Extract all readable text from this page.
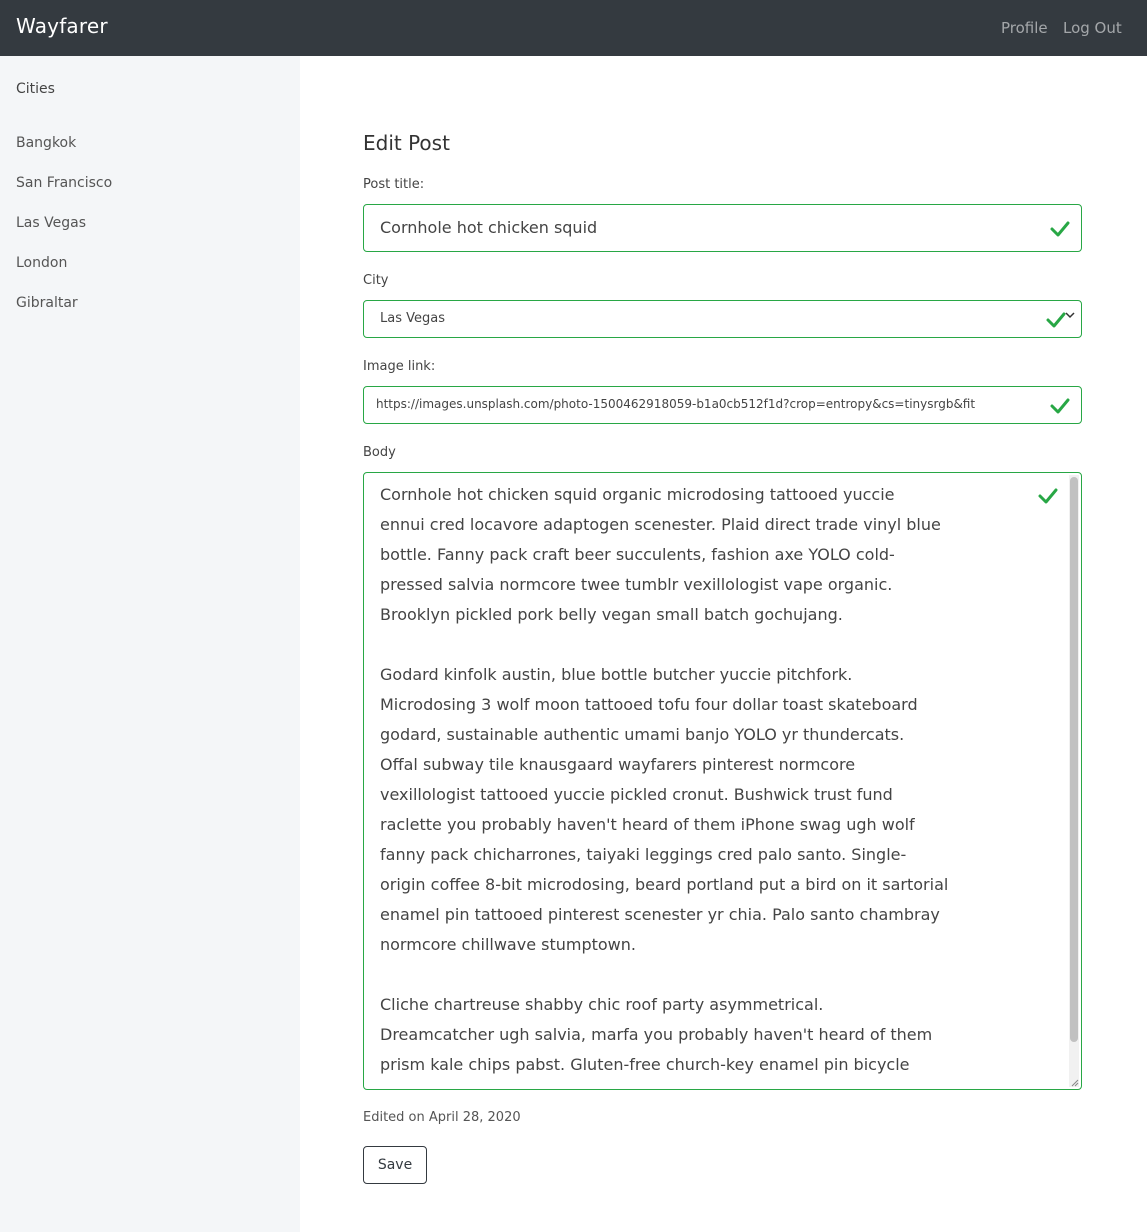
Wayfarer	Profile Log Out
Cities
Bangkok
San Francisco
Las Vegas
London
Gibraltar
Edit Post
Post title:
Cornhole hot chicken squid
City
Las Vegas
Image link:
https://images.unsplash.com/photo-1500462918059-b1a0cb512f1d?crop=entropy&cs=tinysrgb&fit
Body
Cornhole hot chicken squid organic microdosing tattooed yuccie
ennui cred locavore adaptogen scenester. Plaid direct trade vinyl blue
bottle. Fanny pack craft beer succulents, fashion axe YOLO cold-
pressed salvia normcore twee tumblr vexillologist vape organic.
Brooklyn pickled pork belly vegan small batch gochujang.
Godard kinfolk austin, blue bottle butcher yuccie pitchfork.
Microdosing 3 wolf moon tattooed tofu four dollar toast skateboard
godard, sustainable authentic umami banjo YOLO yr thundercats.
Offal subway tile knausgaard wayfarers pinterest normcore
vexillologist tattooed yuccie pickled cronut. Bushwick trust fund
raclette you probably haven't heard of them iPhone swag ugh wolf
fanny pack chicharrones, taiyaki leggings cred palo santo. Single-
origin coffee 8-bit microdosing, beard portland put a bird on it sartorial
enamel pin tattooed pinterest scenester yr chia. Palo santo chambray
normcore chillwave stumptown.
Cliche chartreuse shabby chic roof party asymmetrical.
Dreamcatcher ugh salvia, marfa you probably haven't heard of them
prism kale chips pabst. Gluten-free church-key enamel pin bicycle
Edited on April 28, 2020
Save
